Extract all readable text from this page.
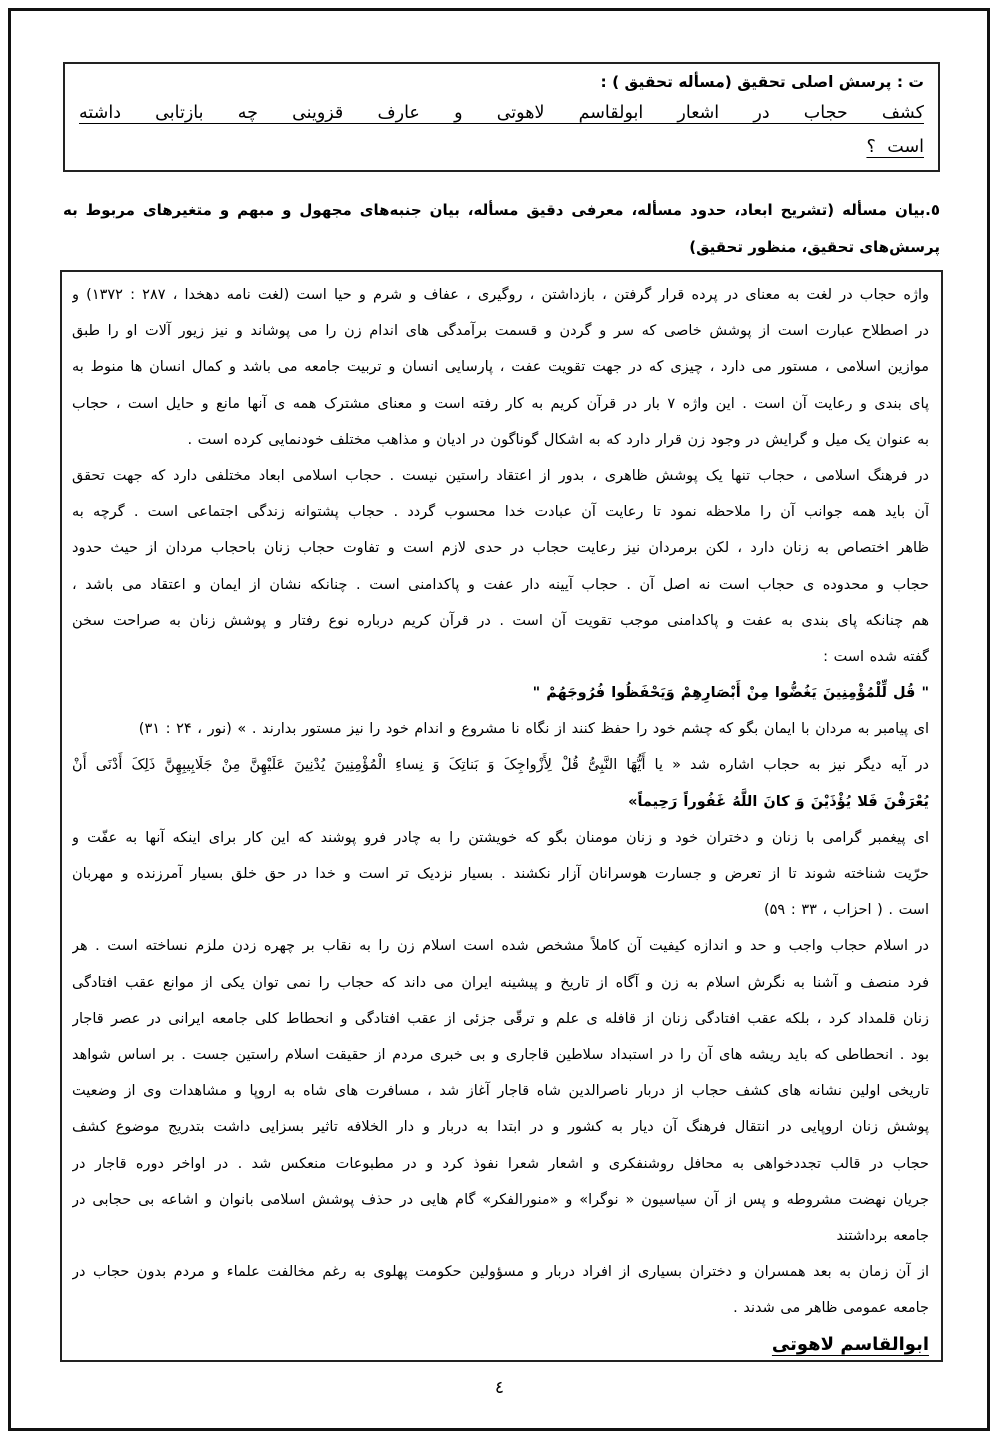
ت : پرسش اصلی تحقیق (مسأله تحقیق ) :
کشف حجاب در اشعار ابولقاسم لاهوتی و عارف قزوینی چه بازتابی داشته
است ؟
٥.بیان مسأله (تشریح ابعاد، حدود مسأله، معرفی دقیق مسأله، بیان جنبه‌های مجهول و مبهم و متغیرهای مربوط به
پرسش‌های تحقیق، منظور تحقیق)
واژه حجاب در لغت به معنای در پرده قرار گرفتن ، بازداشتن ، روگیری ، عفاف و شرم و حیا است (لغت نامه دهخدا ، ۲۸۷ : ۱۳۷۲) و
در اصطلاح عبارت است از پوشش خاصی که سر و گردن و قسمت برآمدگی های اندام زن را می پوشاند و نیز زیور آلات او را طبق
موازین اسلامی ، مستور می دارد ، چیزی که در جهت تقویت عفت ، پارسایی انسان و تربیت جامعه می باشد و کمال انسان ها منوط به
پای بندی و رعایت آن است . این واژه ۷ بار در قرآن کریم به کار رفته است و معنای مشترک همه ی آنها مانع و حایل است ، حجاب
به عنوان یک میل و گرایش در وجود زن قرار دارد که به اشکال گوناگون در ادیان و مذاهب مختلف خودنمایی کرده است .
در فرهنگ اسلامی ، حجاب تنها یک پوشش ظاهری ، بدور از اعتقاد راستین نیست . حجاب اسلامی ابعاد مختلفی دارد که جهت تحقق
آن باید همه جوانب آن را ملاحظه نمود تا رعایت آن عبادت خدا محسوب گردد . حجاب پشتوانه زندگی اجتماعی است . گرچه به
ظاهر اختصاص به زنان دارد ، لکن برمردان نیز رعایت حجاب در حدی لازم است و تفاوت حجاب زنان باحجاب مردان از حیث حدود
حجاب و محدوده ی حجاب است نه اصل آن . حجاب آیینه دار عفت و پاکدامنی است . چنانکه نشان از ایمان و اعتقاد می باشد ،
هم چنانکه پای بندی به عفت و پاکدامنی موجب تقویت آن است . در قرآن کریم درباره نوع رفتار و پوشش زنان به صراحت سخن
گفته شده است :
" قُل لِّلْمُؤْمِنِینَ یَغُضُّوا مِنْ أَبْصَارِهِمْ وَیَحْفَظُوا فُرُوجَهُمْ "
ای پیامبر به مردان با ایمان بگو که چشم خود را حفظ کنند از نگاه نا مشروع و اندام خود را نیز مستور بدارند . » (نور ، ۲۴ : ۳۱)
در آیه دیگر نیز به حجاب اشاره شد « یا أَیُّهَا النَّبِیُّ قُلْ لِأَزْواجِکَ وَ بَناتِکَ وَ نِساءِ الْمُؤْمِنِینَ یُدْنِینَ عَلَیْهِنَّ مِنْ جَلَابِیبِهِنَّ ذَلِکَ أَدْنَی أَنْ
یُعْرَفْنَ فَلا یُؤْذَیْنَ وَ کانَ اللَّهُ غَفُوراً رَحِیماً»
ای پیغمبر گرامی با زنان و دختران خود و زنان مومنان بگو که خویشتن را به چادر فرو پوشند که این کار برای اینکه آنها به عفّت و
حرّیت شناخته شوند تا از تعرض و جسارت هوسرانان آزار نکشند . بسیار نزدیک تر است و خدا در حق خلق بسیار آمرزنده و مهربان
است . ( احزاب ، ۳۳ : ۵۹)
در اسلام حجاب واجب و حد و اندازه کیفیت آن کاملاً مشخص شده است اسلام زن را به نقاب بر چهره زدن ملزم نساخته است . هر
فرد منصف و آشنا به نگرش اسلام به زن و آگاه از تاریخ و پیشینه ایران می داند که حجاب را نمی توان یکی از موانع عقب افتادگی
زنان قلمداد کرد ، بلکه عقب افتادگی زنان از قافله ی علم و ترقّی جزئی از عقب افتادگی و انحطاط کلی جامعه ایرانی در عصر قاجار
بود . انحطاطی که باید ریشه های آن را در استبداد سلاطین قاجاری و بی خبری مردم از حقیقت اسلام راستین جست . بر اساس شواهد
تاریخی اولین نشانه های کشف حجاب از دربار ناصرالدین شاه قاجار آغاز شد ، مسافرت های شاه به اروپا و مشاهدات وی از وضعیت
پوشش زنان اروپایی در انتقال فرهنگ آن دیار به کشور و در ابتدا به دربار و دار الخلافه تاثیر بسزایی داشت بتدریج موضوع کشف
حجاب در قالب تجددخواهی به محافل روشنفکری و اشعار شعرا نفوذ کرد و در مطبوعات منعکس شد . در اواخر دوره قاجار در
جریان نهضت مشروطه و پس از آن سیاسیون « نوگرا» و «منورالفکر» گام هایی در حذف پوشش اسلامی بانوان و اشاعه بی حجابی در
جامعه برداشتند
از آن زمان به بعد همسران و دختران بسیاری از افراد دربار و مسؤولین حکومت پهلوی به رغم مخالفت علماء و مردم بدون حجاب در
جامعه عمومی ظاهر می شدند .
ابوالقاسم لاهوتی
٤
